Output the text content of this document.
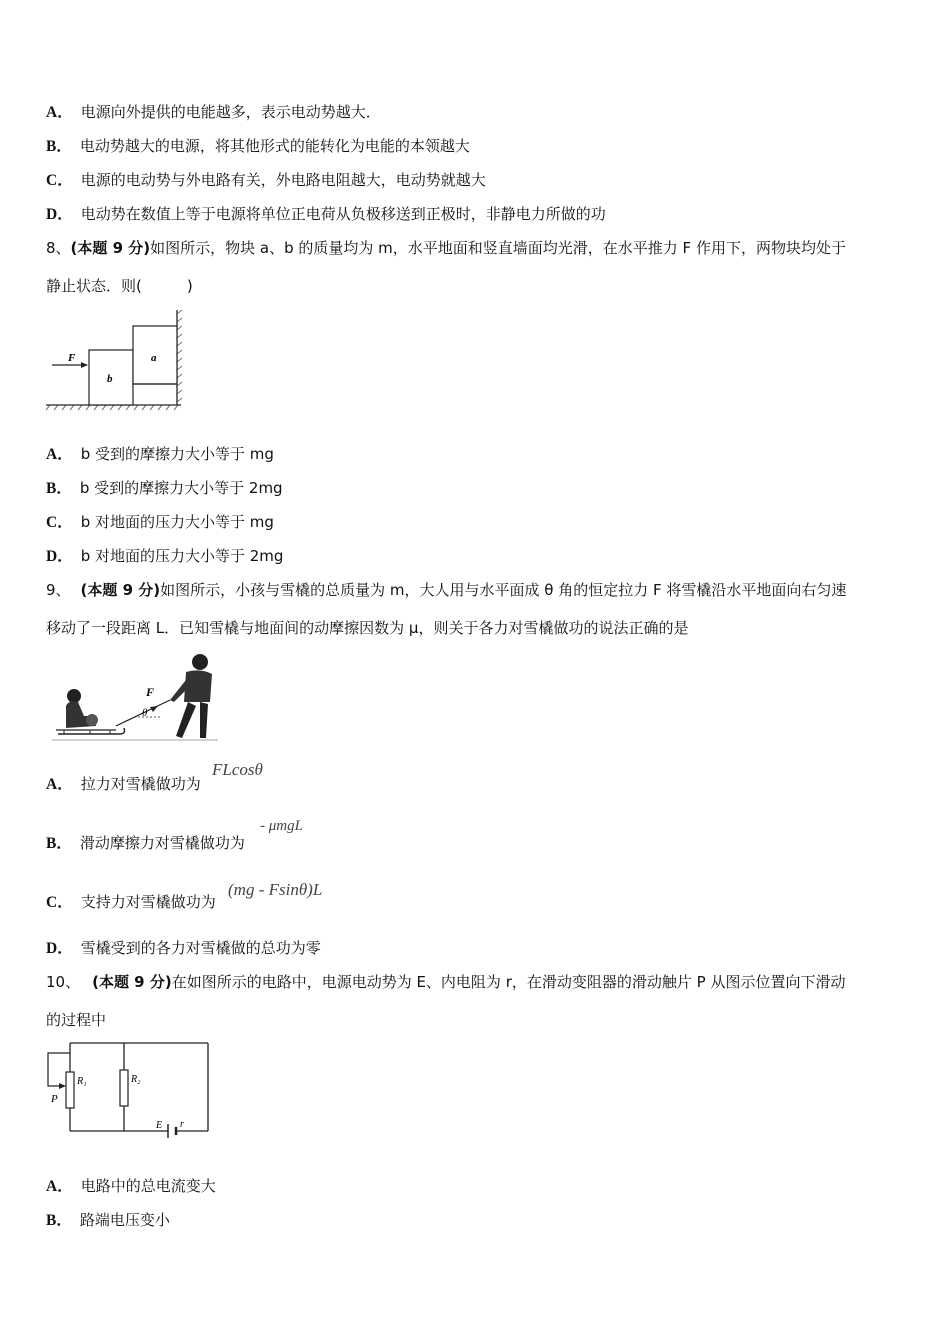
A． 电源向外提供的电能越多，表示电动势越大．
B． 电动势越大的电源，将其他形式的能转化为电能的本领越大
C． 电源的电动势与外电路有关，外电路电阻越大，电动势就越大
D． 电动势在数值上等于电源将单位正电荷从负极移送到正极时，非静电力所做的功
8、(本题 9 分)如图所示，物块 a、b 的质量均为 m，水平地面和竖直墙面均光滑，在水平推力 F 作用下，两物块均处于
静止状态．则(　　　)
F
b
a
A． b 受到的摩擦力大小等于 mg
B． b 受到的摩擦力大小等于 2mg
C． b 对地面的压力大小等于 mg
D． b 对地面的压力大小等于 2mg
9、 (本题 9 分)如图所示，小孩与雪橇的总质量为 m，大人用与水平面成 θ 角的恒定拉力 F 将雪橇沿水平地面向右匀速
移动了一段距离 L．已知雪橇与地面间的动摩擦因数为 μ，则关于各力对雪橇做功的说法正确的是
F
θ
A． 拉力对雪橇做功为
FLcosθ
B． 滑动摩擦力对雪橇做功为
- μmgL
C． 支持力对雪橇做功为
(mg - Fsinθ)L
D． 雪橇受到的各力对雪橇做的总功为零
10、 (本题 9 分)在如图所示的电路中，电源电动势为 E、内电阻为 r，在滑动变阻器的滑动触片 P 从图示位置向下滑动
的过程中
P
R₁	R₂
E r
A． 电路中的总电流变大
B． 路端电压变小
